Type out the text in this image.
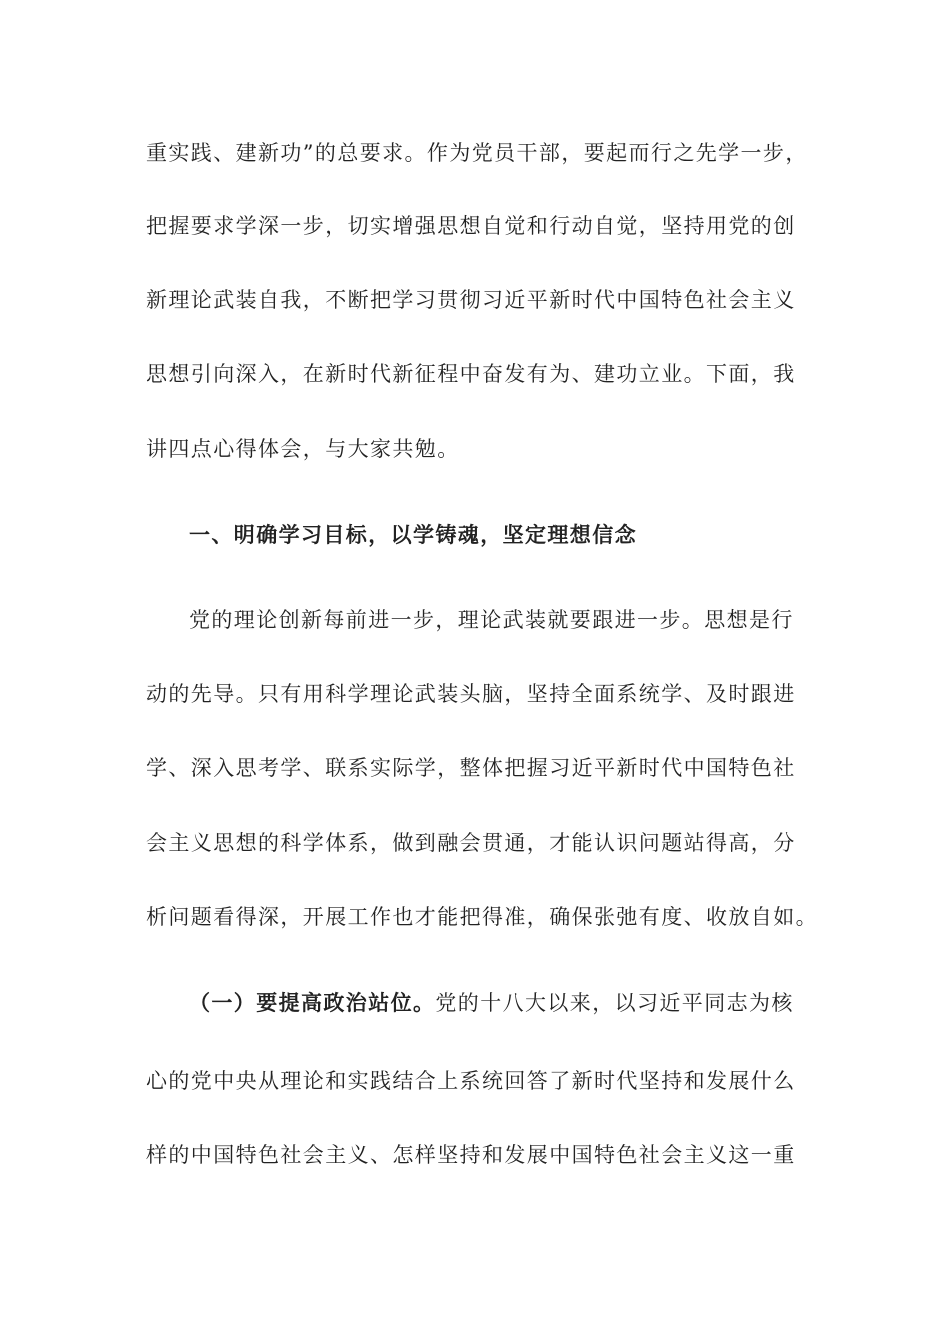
重实践、建新功”的总要求。作为党员干部，要起而行之先学一步，
把握要求学深一步，切实增强思想自觉和行动自觉，坚持用党的创
新理论武装自我，不断把学习贯彻习近平新时代中国特色社会主义
思想引向深入，在新时代新征程中奋发有为、建功立业。下面，我
讲四点心得体会，与大家共勉。
一、明确学习目标，以学铸魂，坚定理想信念
党的理论创新每前进一步，理论武装就要跟进一步。思想是行
动的先导。只有用科学理论武装头脑，坚持全面系统学、及时跟进
学、深入思考学、联系实际学，整体把握习近平新时代中国特色社
会主义思想的科学体系，做到融会贯通，才能认识问题站得高，分
析问题看得深，开展工作也才能把得准，确保张弛有度、收放自如。
（一）要提高政治站位。党的十八大以来，以习近平同志为核
心的党中央从理论和实践结合上系统回答了新时代坚持和发展什么
样的中国特色社会主义、怎样坚持和发展中国特色社会主义这一重
